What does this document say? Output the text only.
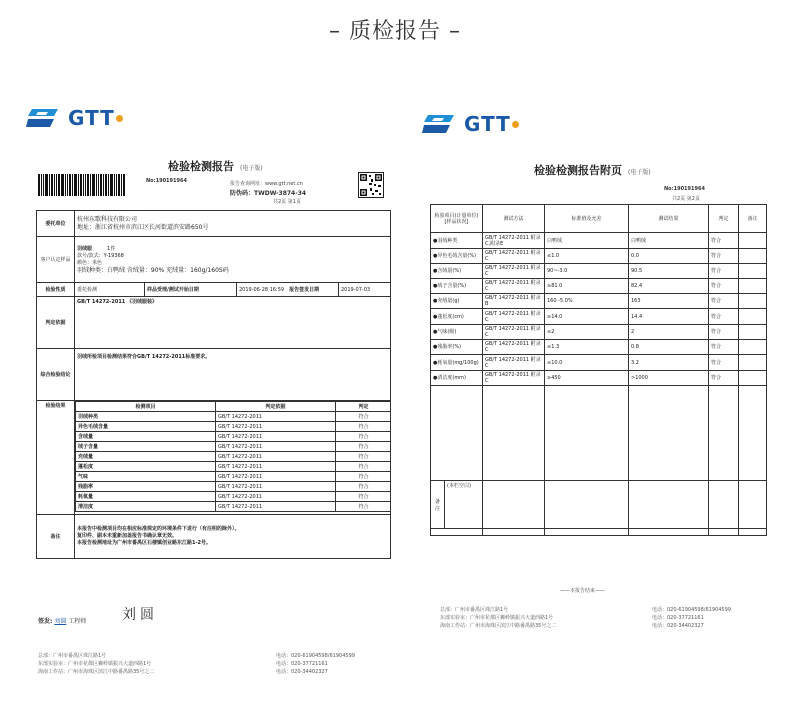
– 质检报告 –
GTT
No:190191964
检验检测报告 (电子版)
报告查询网址：www.gtt.net.cn
防伪码：TWDW-3874-34
共2页 第1页
委托单位	
杭州东歌科技有限公司
地址：浙江省杭州市滨江区长河街道滨安路650号

客户认定样品	
羽绒服　　　	1件
款号/款式：Y-19368
颜色：米色
羽绒种类：白鸭绒 含绒量：90% 充绒量：160g/160S码

检验性质	委托检测	样品受理/测试开始日期	2019-06-28 16:59　 报告签发日期	2019-07-03
判定依据	GB/T 14272-2011 《羽绒服装》
综合检验结论	羽绒所检项目检测结果符合GB/T 14272-2011标准要求。
检验结果		检测项目	判定依据	判定
羽绒种类	GB/T 14272-2011	符合
异色毛绒含量	GB/T 14272-2011	符合
含绒量	GB/T 14272-2011	符合
绒子含量	GB/T 14272-2011	符合
充绒量	GB/T 14272-2011	符合
蓬松度	GB/T 14272-2011	符合
气味	GB/T 14272-2011	符合
残脂率	GB/T 14272-2011	符合
耗氧量	GB/T 14272-2011	符合
清洁度	GB/T 14272-2011	符合

备注	
本报告中检测项目均在相应标准规定的环境条件下进行（有注明的除外）。
复印件、副本未重新加盖报告书确认章无效。
本报告检测地址为广州市番禺区石楼镇创业路东江路1-2号。
签发: 刘圆 工程师	刘圆
总部：广州市番禺区珠江路1号
东部实验室：广州市花都区狮岭镇振兴大道西路1号
海南工作站：广州市海珠区滨江中路番禺路35号之二
电话：020-61904598/61904599
电话：020-37721161
电话：020-34402327
GTT
检验检测报告附页 (电子版)
No:190191964
共2页 第2页
检验项目(计量单位)[样品状况]	测试方法	标准值及允差	测试结果	判定	备注
●羽绒种类	GB/T 14272-2011 附录C,附录E	白鸭绒	白鸭绒	符合	
●异色毛绒含量(%)	GB/T 14272-2011 附录C	≤1.0	0.0	符合	
●含绒量(%)	GB/T 14272-2011 附录C	90~-3.0	90.5	符合	
●绒子含量(%)	GB/T 14272-2011 附录C	≥81.0	82.4	符合	
●充绒量(g)	GB/T 14272-2011 附录B	160 -5.0%	163	符合	
●蓬松度(cm)	GB/T 14272-2011 附录C	≥14.0	14.4	符合	
●气味(级)	GB/T 14272-2011 附录C	≤2	2	符合	
●残脂率(%)	GB/T 14272-2011 附录C	≤1.3	0.8	符合	
●耗氧量(mg/100g)	GB/T 14272-2011 附录C	≤10.0	3.2	符合	
●清洁度(mm)	GB/T 14272-2011 附录C	≥450	>1000	符合	

备注	(本栏空白)
——本报告结束——
总部：广州市番禺区珠江路1号
东部实验室：广州市花都区狮岭镇振兴大道西路1号
海南工作站：广州市海珠区滨江中路番禺路35号之二
电话：020-61904598/61904599
电话：020-37721161
电话：020-34402327
